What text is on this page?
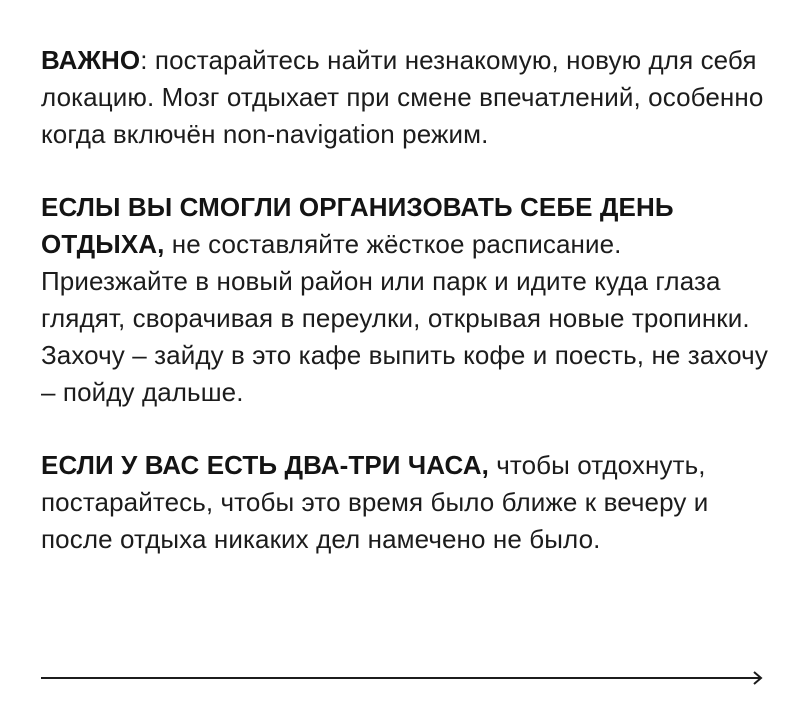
ВАЖНО: постарайтесь найти незнакомую, новую для себя локацию. Мозг отдыхает при смене впечатлений, особенно когда включён non-navigation режим.

ЕСЛЫ ВЫ СМОГЛИ ОРГАНИЗОВАТЬ СЕБЕ ДЕНЬ ОТДЫХА, не составляйте жёсткое расписание. Приезжайте в новый район или парк и идите куда глаза глядят, сворачивая в переулки, открывая новые тропинки. Захочу – зайду в это кафе выпить кофе и поесть, не захочу – пойду дальше.

ЕСЛИ У ВАС ЕСТЬ ДВА-ТРИ ЧАСА, чтобы отдохнуть, постарайтесь, чтобы это время было ближе к вечеру и после отдыха никаких дел намечено не было.
